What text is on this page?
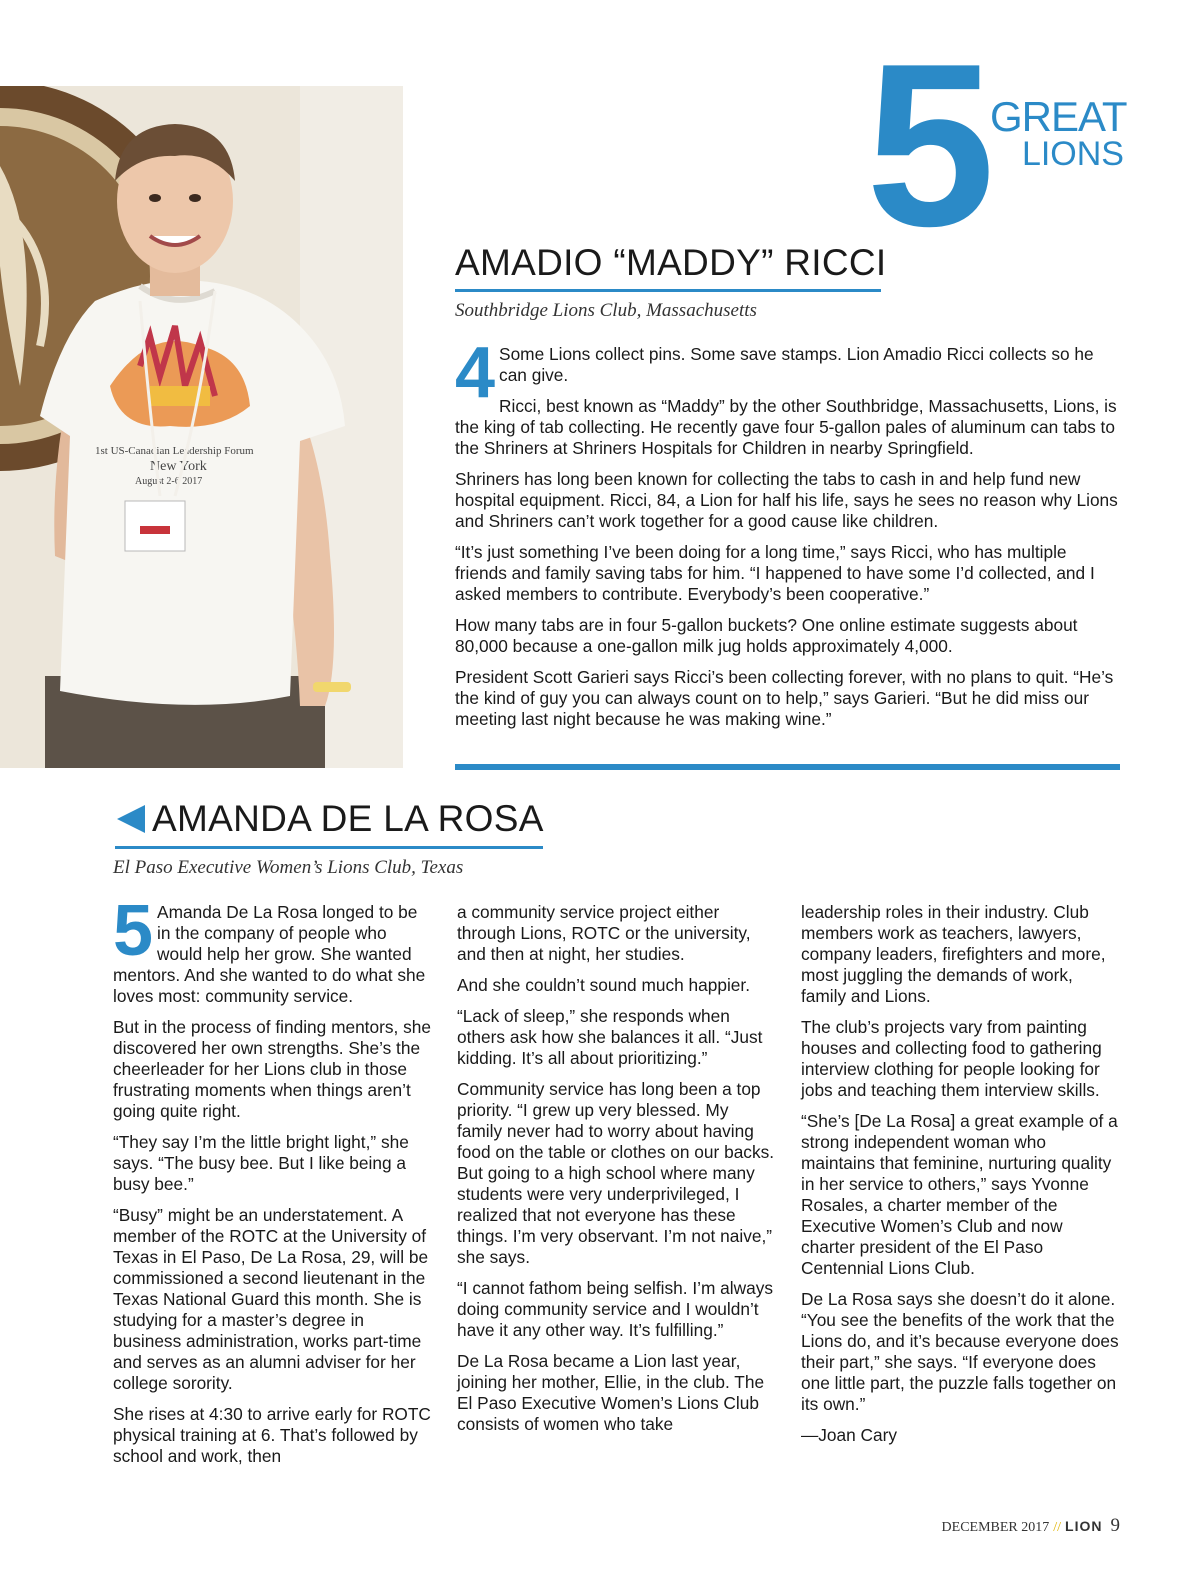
1st US-Canadian Leadership Forum
New York
August 2-6 2017
5 GREAT
LIONS
AMADIO “MADDY” RICCI
Southbridge Lions Club, Massachusetts

4 Some Lions collect pins. Some save stamps. Lion Amadio Ricci collects so he can give.

Ricci, best known as “Maddy” by the other Southbridge, Massachusetts, Lions, is the king of tab collecting. He recently gave four 5-gallon pales of aluminum can tabs to the Shriners at Shriners Hospitals for Children in nearby Springfield.

Shriners has long been known for collecting the tabs to cash in and help fund new hospital equipment. Ricci, 84, a Lion for half his life, says he sees no reason why Lions and Shriners can’t work together for a good cause like children.

“It’s just something I’ve been doing for a long time,” says Ricci, who has multiple friends and family saving tabs for him. “I happened to have some I’d collected, and I asked members to contribute. Everybody’s been cooperative.”

How many tabs are in four 5-gallon buckets? One online estimate suggests about 80,000 because a one-gallon milk jug holds approximately 4,000.

President Scott Garieri says Ricci’s been collecting forever, with no plans to quit. “He’s the kind of guy you can always count on to help,” says Garieri. “But he did miss our meeting last night because he was making wine.”

AMANDA DE LA ROSA
El Paso Executive Women’s Lions Club, Texas

5 Amanda De La Rosa longed to be in the company of people who would help her grow. She wanted mentors. And she wanted to do what she loves most: community service.

But in the process of finding mentors, she discovered her own strengths. She’s the cheerleader for her Lions club in those frustrating moments when things aren’t going quite right.

“They say I’m the little bright light,” she says. “The busy bee. But I like being a busy bee.”

“Busy” might be an understatement. A member of the ROTC at the University of Texas in El Paso, De La Rosa, 29, will be commissioned a second lieutenant in the Texas National Guard this month. She is studying for a master’s degree in business administration, works part-time and serves as an alumni adviser for her college sorority.

She rises at 4:30 to arrive early for ROTC physical training at 6. That’s followed by school and work, then

a community service project either through Lions, ROTC or the university, and then at night, her studies.

And she couldn’t sound much happier.

“Lack of sleep,” she responds when others ask how she balances it all. “Just kidding. It’s all about prioritizing.”

Community service has long been a top priority. “I grew up very blessed. My family never had to worry about having food on the table or clothes on our backs. But going to a high school where many students were very underprivileged, I realized that not everyone has these things. I’m very observant. I’m not naive,” she says.

“I cannot fathom being selfish. I’m always doing community service and I wouldn’t have it any other way. It’s fulfilling.”

De La Rosa became a Lion last year, joining her mother, Ellie, in the club. The El Paso Executive Women’s Lions Club consists of women who take

leadership roles in their industry. Club members work as teachers, lawyers, company leaders, firefighters and more, most juggling the demands of work, family and Lions.

The club’s projects vary from painting houses and collecting food to gathering interview clothing for people looking for jobs and teaching them interview skills.

“She’s [De La Rosa] a great example of a strong independent woman who maintains that feminine, nurturing quality in her service to others,” says Yvonne Rosales, a charter member of the Executive Women’s Club and now charter president of the El Paso Centennial Lions Club.

De La Rosa says she doesn’t do it alone. “You see the benefits of the work that the Lions do, and it’s because everyone does their part,” she says. “If everyone does one little part, the puzzle falls together on its own.”

—Joan Cary

DECEMBER 2017 // LION 9
